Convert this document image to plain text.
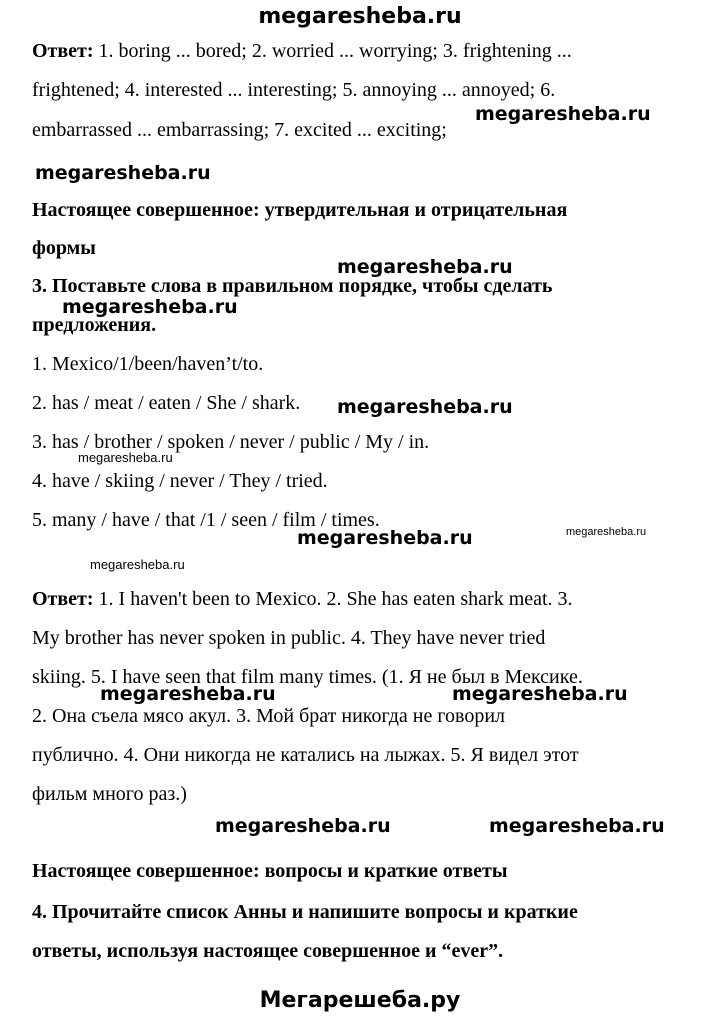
megaresheba.ru
Ответ: 1. boring ... bored; 2. worried ... worrying; 3. frightening ...
frightened; 4. interested ... interesting; 5. annoying ... annoyed; 6.
embarrassed ... embarrassing; 7. excited ... exciting;
megaresheba.ru
megaresheba.ru
Настоящее совершенное: утвердительная и отрицательная
формы
megaresheba.ru
3. Поставьте слова в правильном порядке, чтобы сделать
megaresheba.ru
предложения.
1. Mexico/1/been/haven’t/to.
2. has / meat / eaten / She / shark. megaresheba.ru
3. has / brother / spoken / never / public / My / in.
megaresheba.ru
4. have / skiing / never / They / tried.
5. many / have / that /1 / seen / film / times.
megaresheba.ru
megaresheba.ru
megaresheba.ru
Ответ: 1. I haven't been to Mexico. 2. She has eaten shark meat. 3.
My brother has never spoken in public. 4. They have never tried
skiing. 5. I have seen that film many times. (1. Я не был в Мексике.
megaresheba.ru	megaresheba.ru
2. Она съела мясо акул. 3. Мой брат никогда не говорил
публично. 4. Они никогда не катались на лыжах. 5. Я видел этот
фильм много раз.)
megaresheba.ru	megaresheba.ru
Настоящее совершенное: вопросы и краткие ответы
4. Прочитайте список Анны и напишите вопросы и краткие
ответы, используя настоящее совершенное и “ever”.
Мегарешеба.ру
